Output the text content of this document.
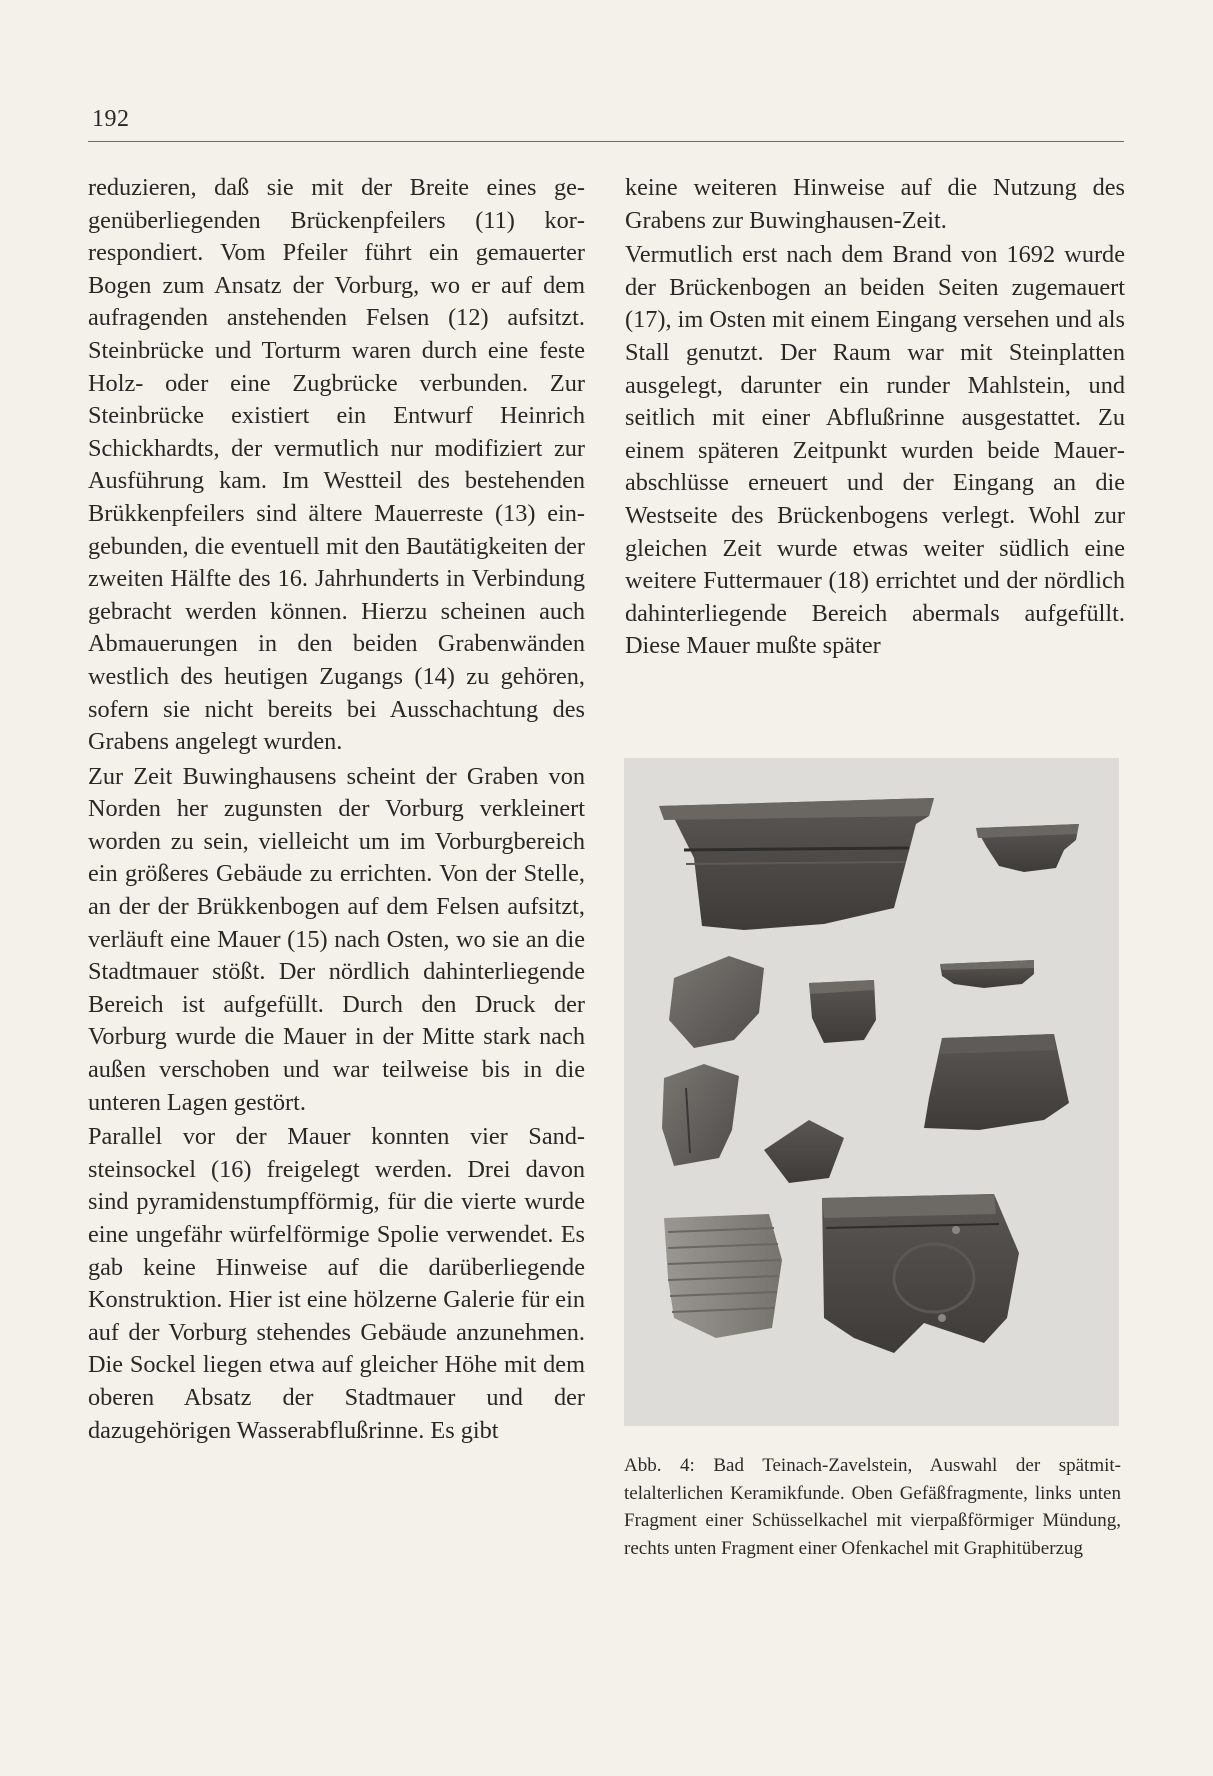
192

reduzieren, daß sie mit der Breite eines gegenüberliegenden Brückenpfeilers (11) korrespondiert. Vom Pfeiler führt ein gemauerter Bogen zum Ansatz der Vorburg, wo er auf dem aufragenden anstehenden Felsen (12) aufsitzt. Steinbrücke und Torturm waren durch eine feste Holz- oder eine Zugbrücke verbunden. Zur Steinbrücke existiert ein Entwurf Heinrich Schickhardts, der vermutlich nur modifiziert zur Ausführung kam. Im Westteil des bestehenden Brükkenpfeilers sind ältere Mauerreste (13) eingebunden, die eventuell mit den Bautätigkeiten der zweiten Hälfte des 16. Jahrhunderts in Verbindung gebracht werden können. Hierzu scheinen auch Abmauerungen in den beiden Grabenwänden westlich des heutigen Zugangs (14) zu gehören, sofern sie nicht bereits bei Ausschachtung des Grabens angelegt wurden.

Zur Zeit Buwinghausens scheint der Graben von Norden her zugunsten der Vorburg verkleinert worden zu sein, vielleicht um im Vorburgbereich ein größeres Gebäude zu errichten. Von der Stelle, an der der Brükkenbogen auf dem Felsen aufsitzt, verläuft eine Mauer (15) nach Osten, wo sie an die Stadtmauer stößt. Der nördlich dahinterliegende Bereich ist aufgefüllt. Durch den Druck der Vorburg wurde die Mauer in der Mitte stark nach außen verschoben und war teilweise bis in die unteren Lagen gestört.

Parallel vor der Mauer konnten vier Sandsteinsockel (16) freigelegt werden. Drei davon sind pyramidenstumpfförmig, für die vierte wurde eine ungefähr würfelförmige Spolie verwendet. Es gab keine Hinweise auf die darüberliegende Konstruktion. Hier ist eine hölzerne Galerie für ein auf der Vorburg stehendes Gebäude anzunehmen. Die Sockel liegen etwa auf gleicher Höhe mit dem oberen Absatz der Stadtmauer und der dazugehörigen Wasserabflußrinne. Es gibt

keine weiteren Hinweise auf die Nutzung des Grabens zur Buwinghausen-Zeit.

Vermutlich erst nach dem Brand von 1692 wurde der Brückenbogen an beiden Seiten zugemauert (17), im Osten mit einem Eingang versehen und als Stall genutzt. Der Raum war mit Steinplatten ausgelegt, darunter ein runder Mahlstein, und seitlich mit einer Abflußrinne ausgestattet. Zu einem späteren Zeitpunkt wurden beide Mauerabschlüsse erneuert und der Eingang an die Westseite des Brückenbogens verlegt. Wohl zur gleichen Zeit wurde etwas weiter südlich eine weitere Futtermauer (18) errichtet und der nördlich dahinterliegende Bereich abermals aufgefüllt. Diese Mauer mußte später

Abb. 4: Bad Teinach-Zavelstein, Auswahl der spätmittelalterlichen Keramikfunde. Oben Gefäßfragmente, links unten Fragment einer Schüsselkachel mit vierpaßförmiger Mündung, rechts unten Fragment einer Ofenkachel mit Graphitüberzug
